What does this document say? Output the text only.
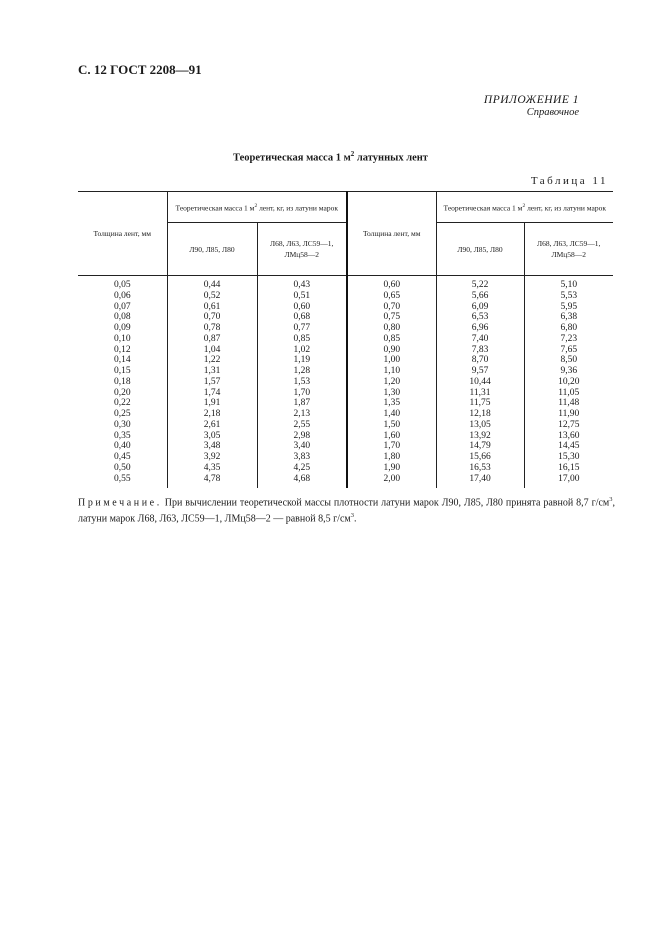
С. 12 ГОСТ 2208—91
ПРИЛОЖЕНИЕ 1
Справочное
Теоретическая масса 1 $м^2$ латунных лент
Таблица 11
Толщина лент, мм	Теоретическая масса 1 $м^2$ лент, кг, из латуни марок		Толщина лент, мм	Теоретическая масса 1 $м^2$ лент, кг, из латуни марок	
	Л90, Л85, Л80	Л68, Л63, ЛС59—1, ЛМц58—2		Л90, Л85, Л80	Л68, Л63, ЛС59—1, ЛМц58—2
0,05	0,44	0,43	0,60	5,22	5,10
0,06	0,52	0,51	0,65	5,66	5,53
0,07	0,61	0,60	0,70	6,09	5,95
0,08	0,70	0,68	0,75	6,53	6,38
0,09	0,78	0,77	0,80	6,96	6,80
0,10	0,87	0,85	0,85	7,40	7,23
0,12	1,04	1,02	0,90	7,83	7,65
0,14	1,22	1,19	1,00	8,70	8,50
0,15	1,31	1,28	1,10	9,57	9,36
0,18	1,57	1,53	1,20	10,44	10,20
0,20	1,74	1,70	1,30	11,31	11,05
0,22	1,91	1,87	1,35	11,75	11,48
0,25	2,18	2,13	1,40	12,18	11,90
0,30	2,61	2,55	1,50	13,05	12,75
0,35	3,05	2,98	1,60	13,92	13,60
0,40	3,48	3,40	1,70	14,79	14,45
0,45	3,92	3,83	1,80	15,66	15,30
0,50	4,35	4,25	1,90	16,53	16,15
0,55	4,78	4,68	2,00	17,40	17,00
Примечание. При вычислении теоретической массы плотности латуни марок Л90, Л85, Л80 принята равной 8,7 $г/см^3$, латуни марок Л68, Л63, ЛС59—1, ЛМц58—2 — равной 8,5 $г/см^3$.
